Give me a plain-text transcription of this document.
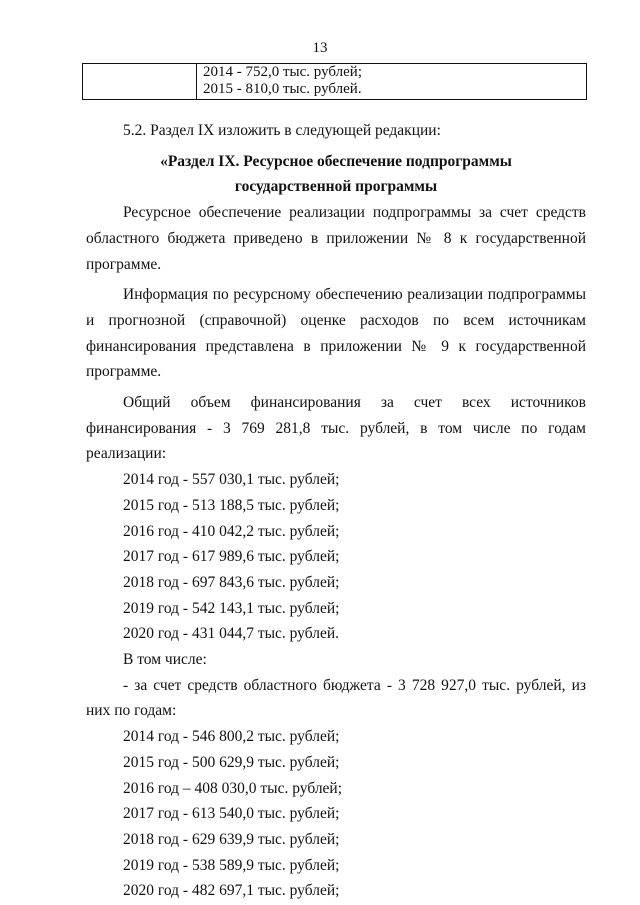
13

2014 - 752,0 тыс. рублей;
2015 - 810,0 тыс. рублей.

5.2. Раздел IX изложить в следующей редакции:

«Раздел IX. Ресурсное обеспечение подпрограммы

государственной программы

Ресурсное обеспечение реализации подпрограммы за счет средств областного бюджета приведено в приложении № 8 к государственной программе.

Информация по ресурсному обеспечению реализации подпрограммы и прогнозной (справочной) оценке расходов по всем источникам финансирования представлена в приложении № 9 к государственной программе.

Общий объем финансирования за счет всех источников финансирования - 3 769 281,8 тыс. рублей, в том числе по годам реализации:

2014 год - 557 030,1 тыс. рублей;

2015 год - 513 188,5 тыс. рублей;

2016 год - 410 042,2 тыс. рублей;

2017 год - 617 989,6 тыс. рублей;

2018 год - 697 843,6 тыс. рублей;

2019 год - 542 143,1 тыс. рублей;

2020 год - 431 044,7 тыс. рублей.

В том числе:

- за счет средств областного бюджета - 3 728 927,0 тыс. рублей, из них по годам:

2014 год - 546 800,2 тыс. рублей;

2015 год - 500 629,9 тыс. рублей;

2016 год – 408 030,0 тыс. рублей;

2017 год - 613 540,0 тыс. рублей;

2018 год - 629 639,9 тыс. рублей;

2019 год - 538 589,9 тыс. рублей;

2020 год - 482 697,1 тыс. рублей;
